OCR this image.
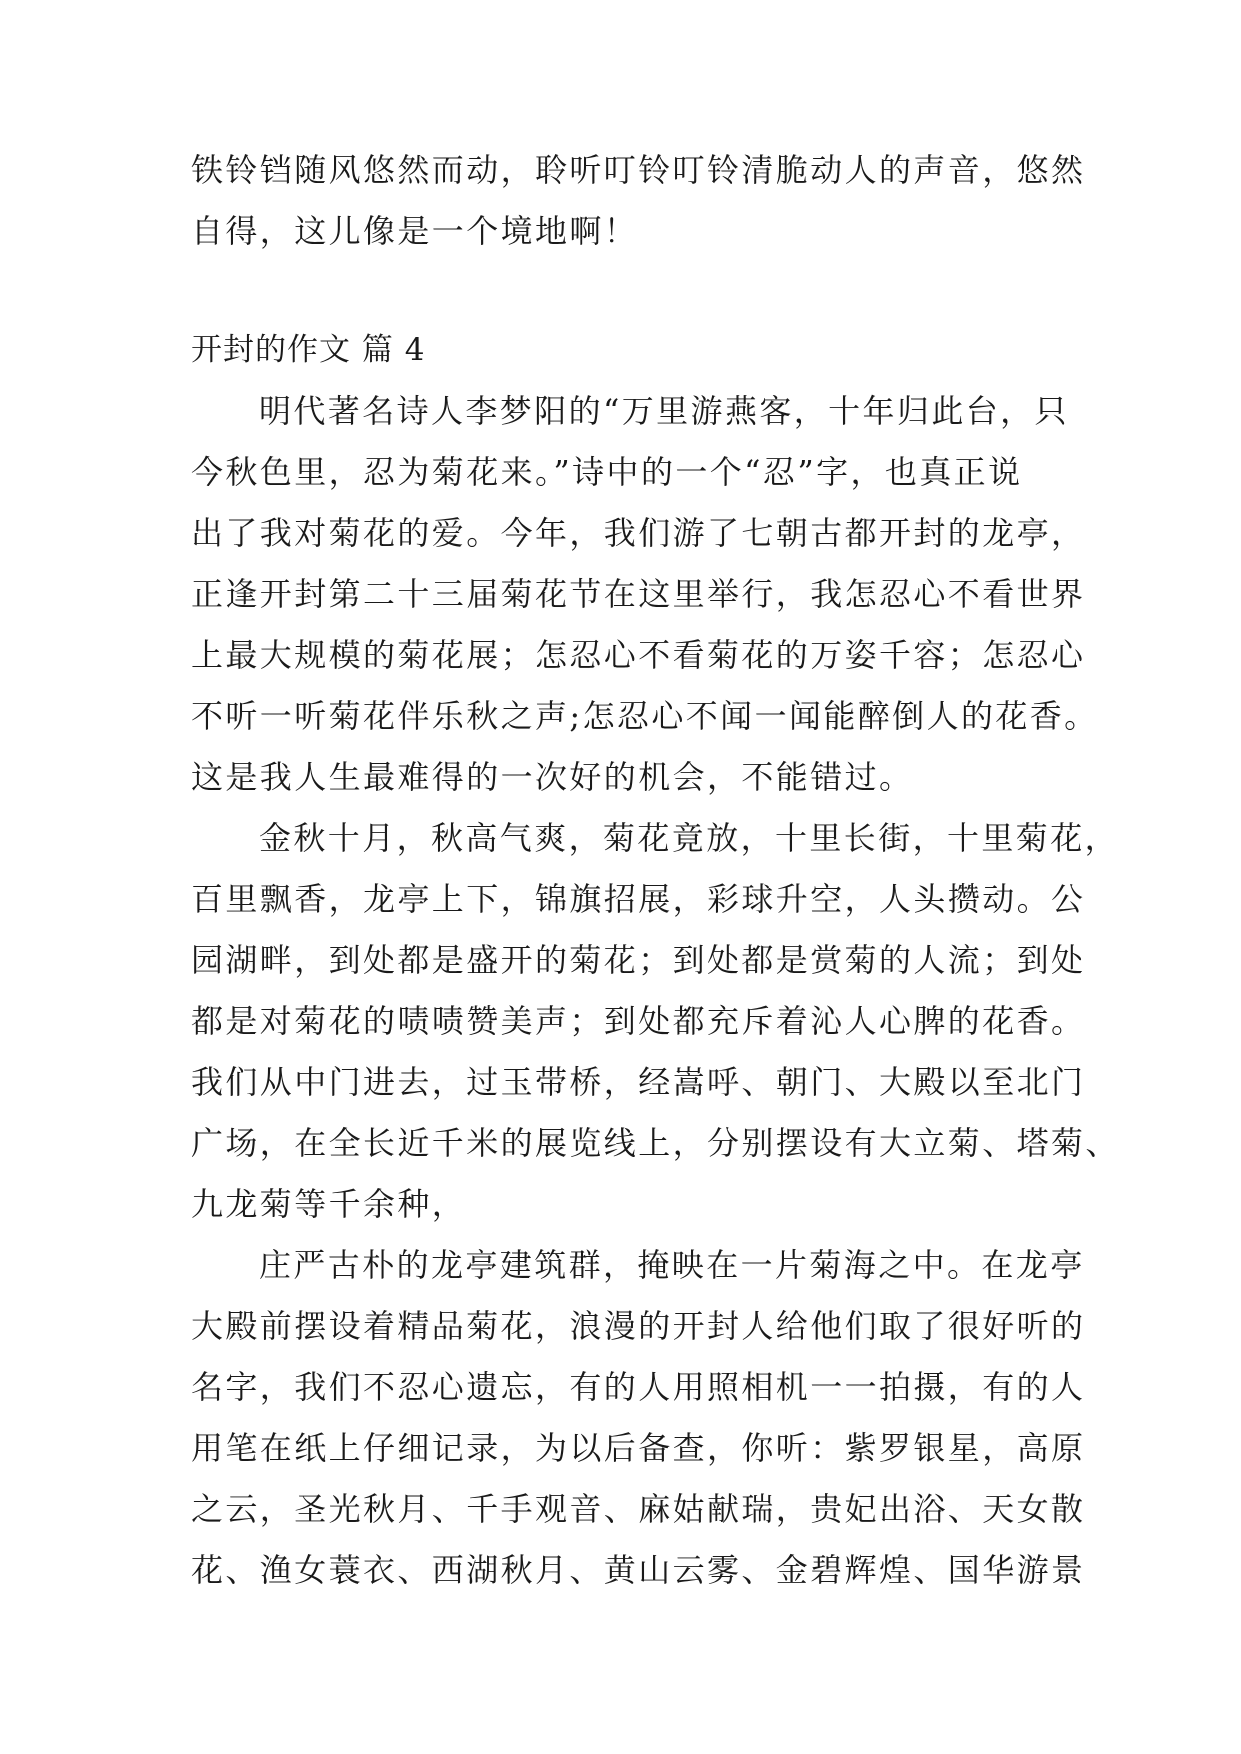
铁铃铛随风悠然而动，聆听叮铃叮铃清脆动人的声音，悠然
自得，这儿像是一个境地啊！
开封的作文 篇 4
明代著名诗人李梦阳的“万里游燕客，十年归此台，只
今秋色里，忍为菊花来。”诗中的一个“忍”字，也真正说
出了我对菊花的爱。今年，我们游了七朝古都开封的龙亭，
正逢开封第二十三届菊花节在这里举行，我怎忍心不看世界
上最大规模的菊花展；怎忍心不看菊花的万姿千容；怎忍心
不听一听菊花伴乐秋之声;怎忍心不闻一闻能醉倒人的花香。
这是我人生最难得的一次好的机会，不能错过。
金秋十月，秋高气爽，菊花竟放，十里长街，十里菊花，
百里飘香，龙亭上下，锦旗招展，彩球升空，人头攒动。公
园湖畔，到处都是盛开的菊花；到处都是赏菊的人流；到处
都是对菊花的啧啧赞美声；到处都充斥着沁人心脾的花香。
我们从中门进去，过玉带桥，经嵩呼、朝门、大殿以至北门
广场，在全长近千米的展览线上，分别摆设有大立菊、塔菊、
九龙菊等千余种，
庄严古朴的龙亭建筑群，掩映在一片菊海之中。在龙亭
大殿前摆设着精品菊花，浪漫的开封人给他们取了很好听的
名字，我们不忍心遗忘，有的人用照相机一一拍摄，有的人
用笔在纸上仔细记录，为以后备查，你听：紫罗银星，高原
之云，圣光秋月、千手观音、麻姑献瑞，贵妃出浴、天女散
花、渔女蓑衣、西湖秋月、黄山云雾、金碧辉煌、国华游景
